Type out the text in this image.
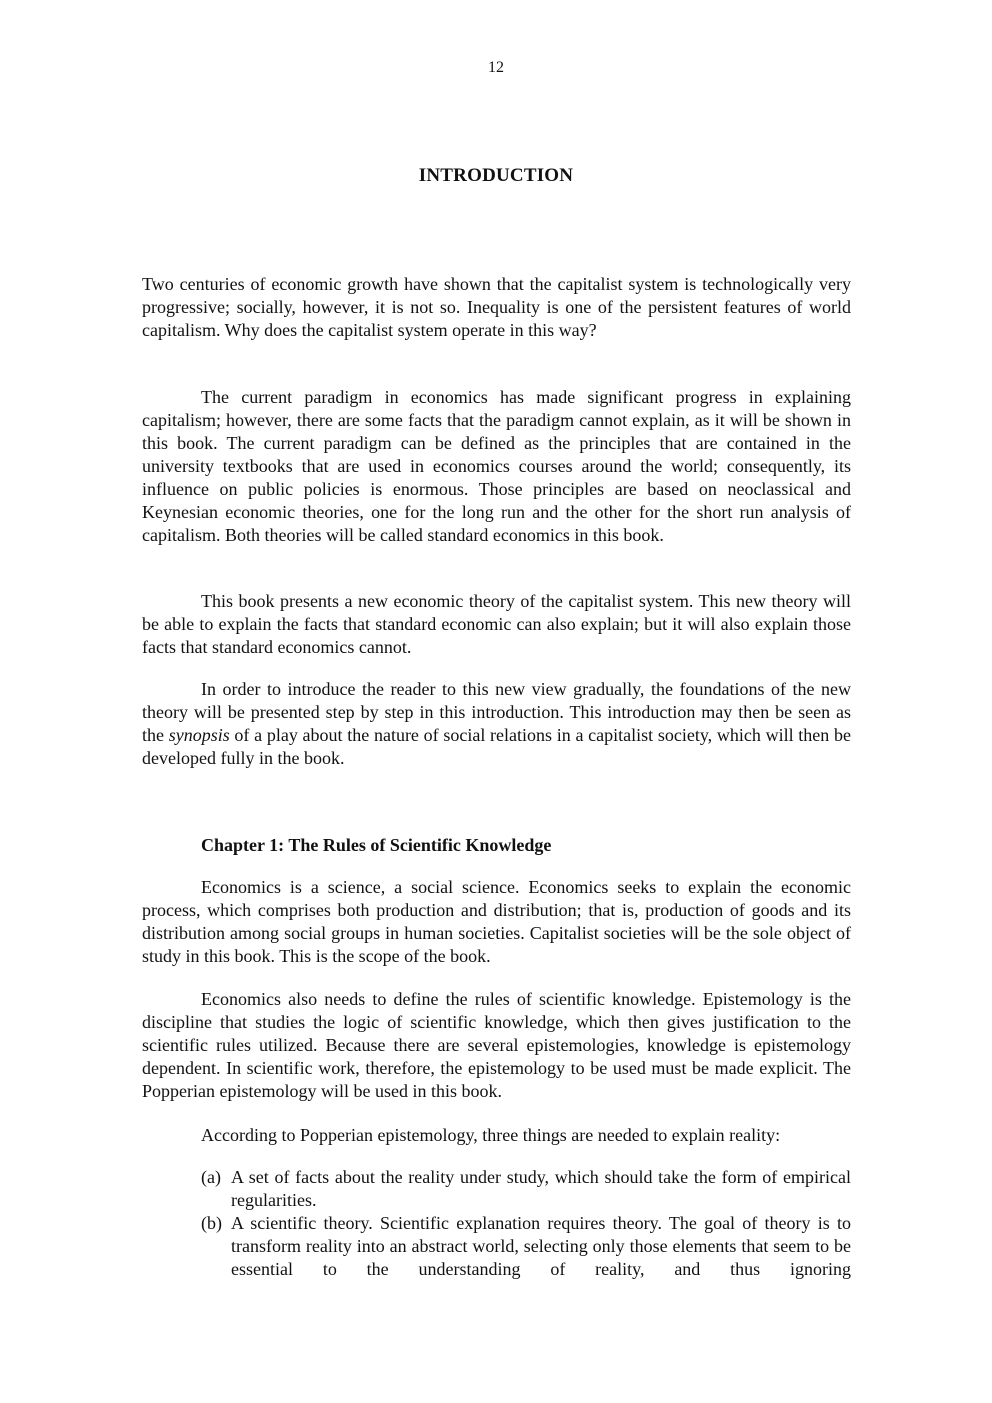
12
INTRODUCTION

Two centuries of economic growth have shown that the capitalist system is technologically very progressive; socially, however, it is not so. Inequality is one of the persistent features of world capitalism. Why does the capitalist system operate in this way?

The current paradigm in economics has made significant progress in explaining capitalism; however, there are some facts that the paradigm cannot explain, as it will be shown in this book. The current paradigm can be defined as the principles that are contained in the university textbooks that are used in economics courses around the world; consequently, its influence on public policies is enormous. Those principles are based on neoclassical and Keynesian economic theories, one for the long run and the other for the short run analysis of capitalism. Both theories will be called standard economics in this book.

This book presents a new economic theory of the capitalist system. This new theory will be able to explain the facts that standard economic can also explain; but it will also explain those facts that standard economics cannot.

In order to introduce the reader to this new view gradually, the foundations of the new theory will be presented step by step in this introduction. This introduction may then be seen as the synopsis of a play about the nature of social relations in a capitalist society, which will then be developed fully in the book.

Chapter 1: The Rules of Scientific Knowledge

Economics is a science, a social science. Economics seeks to explain the economic process, which comprises both production and distribution; that is, production of goods and its distribution among social groups in human societies. Capitalist societies will be the sole object of study in this book. This is the scope of the book.

Economics also needs to define the rules of scientific knowledge. Epistemology is the discipline that studies the logic of scientific knowledge, which then gives justification to the scientific rules utilized. Because there are several epistemologies, knowledge is epistemology dependent. In scientific work, therefore, the epistemology to be used must be made explicit. The Popperian epistemology will be used in this book.

According to Popperian epistemology, three things are needed to explain reality:

(a) A set of facts about the reality under study, which should take the form of empirical regularities.
(b) A scientific theory. Scientific explanation requires theory. The goal of theory is to transform reality into an abstract world, selecting only those elements that seem to be essential to the understanding of reality, and thus ignoring
